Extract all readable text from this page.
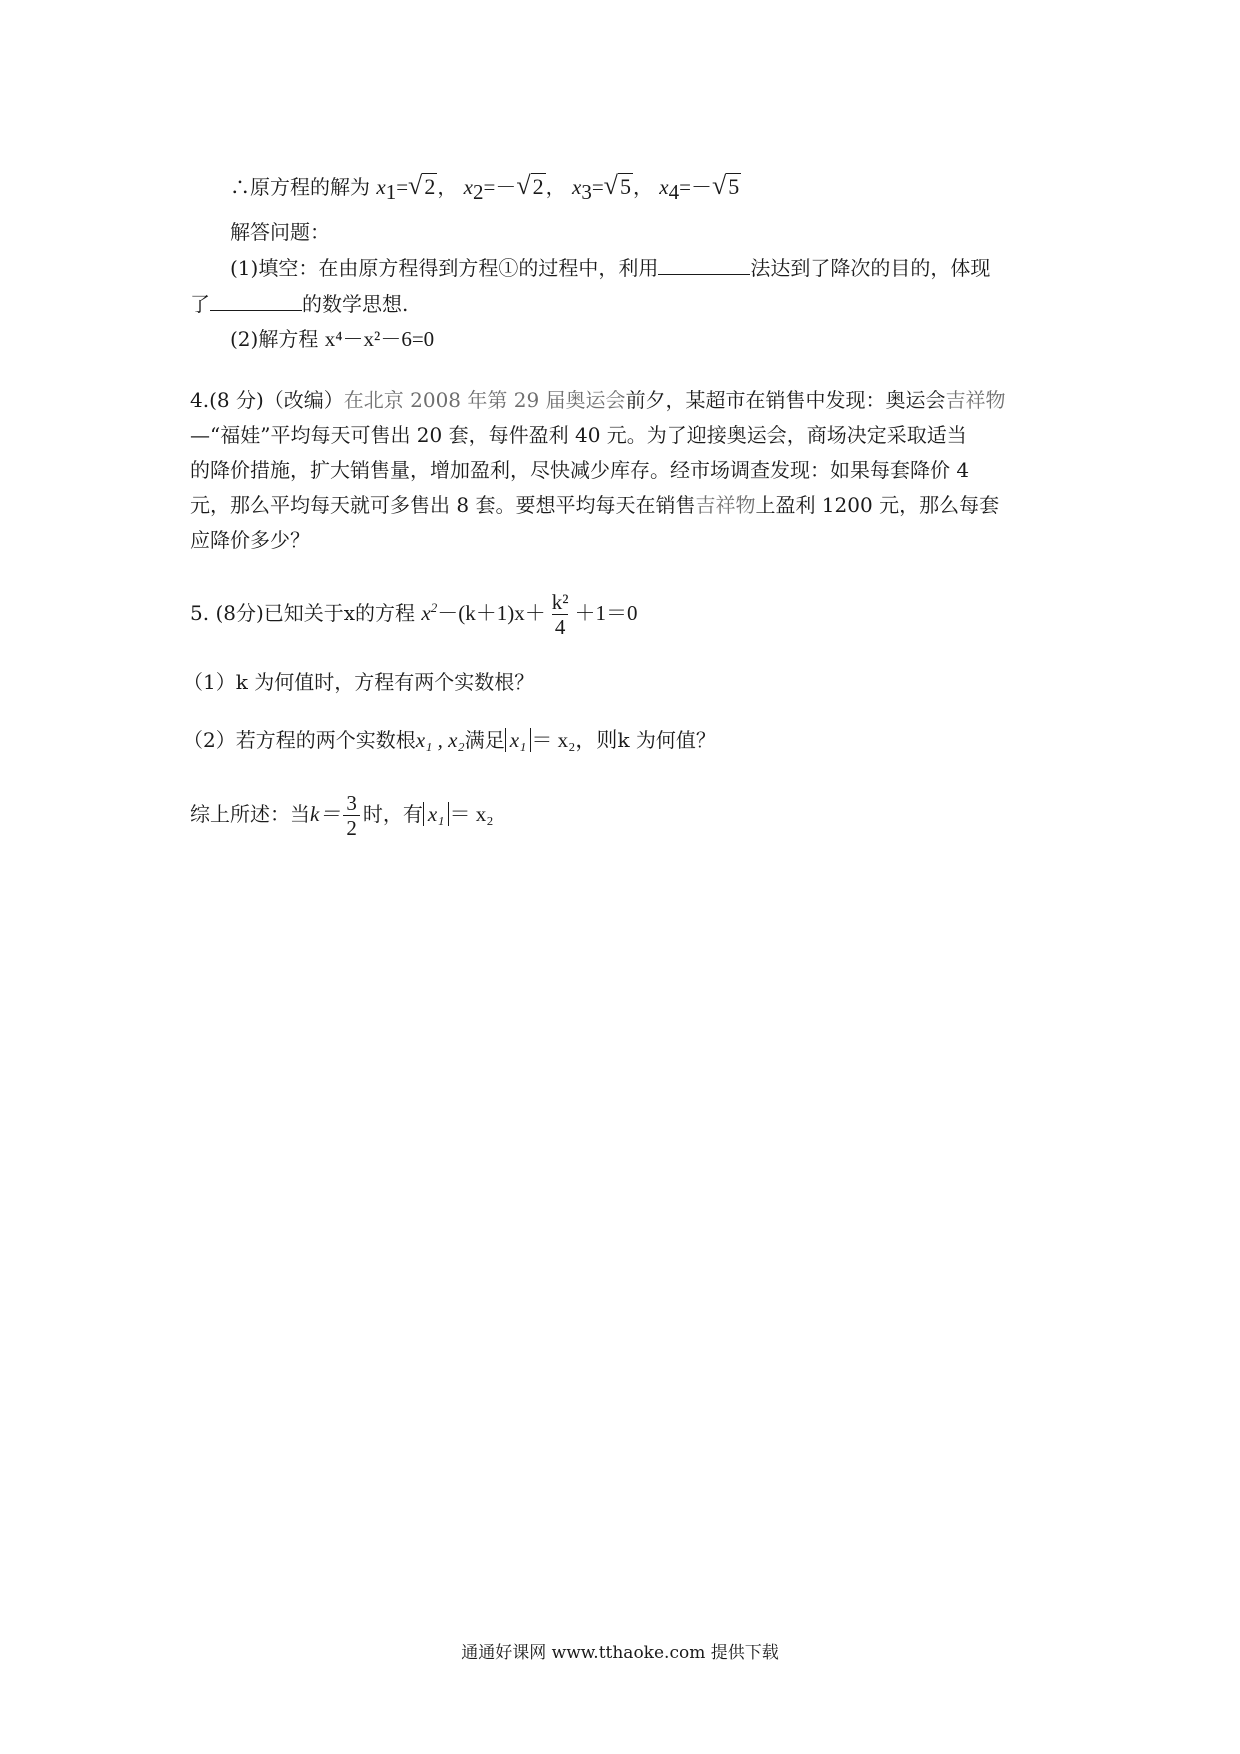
∴原方程的解为 $x_1=√2$ ， $x_2=-√2$ ， $x_3=√5$ ， $x_4=-√5$
解答问题：
(1)填空：在由原方程得到方程①的过程中，利用	法达到了降次的目的，体现
了	的数学思想.
(2)解方程 x⁴－x²－6=0
4.(8 分)（改编）在北京 2008 年第 29 届奥运会前夕，某超市在销售中发现：奥运会吉祥物
—“福娃”平均每天可售出 20 套，每件盈利 40 元。为了迎接奥运会，商场决定采取适当
的降价措施，扩大销售量，增加盈利，尽快减少库存。经市场调查发现：如果每套降价 4
元，那么平均每天就可多售出 8 套。要想平均每天在销售吉祥物上盈利 1200 元，那么每套
应降价多少？
5. (8分)已知关于x的方程 $x^2-(k+1)x+ \frac{\text{k²}}{4} +1=0$
（1）k 为何值时，方程有两个实数根？
（2）若方程的两个实数根x₁ , x₂满足 x₁ ＝ x₂，则k 为何值？
综上所述：当$k= \frac{3}{2}$ 时，有 x₁ ＝ x₂
通通好课网 www.tthaoke.com 提供下载
